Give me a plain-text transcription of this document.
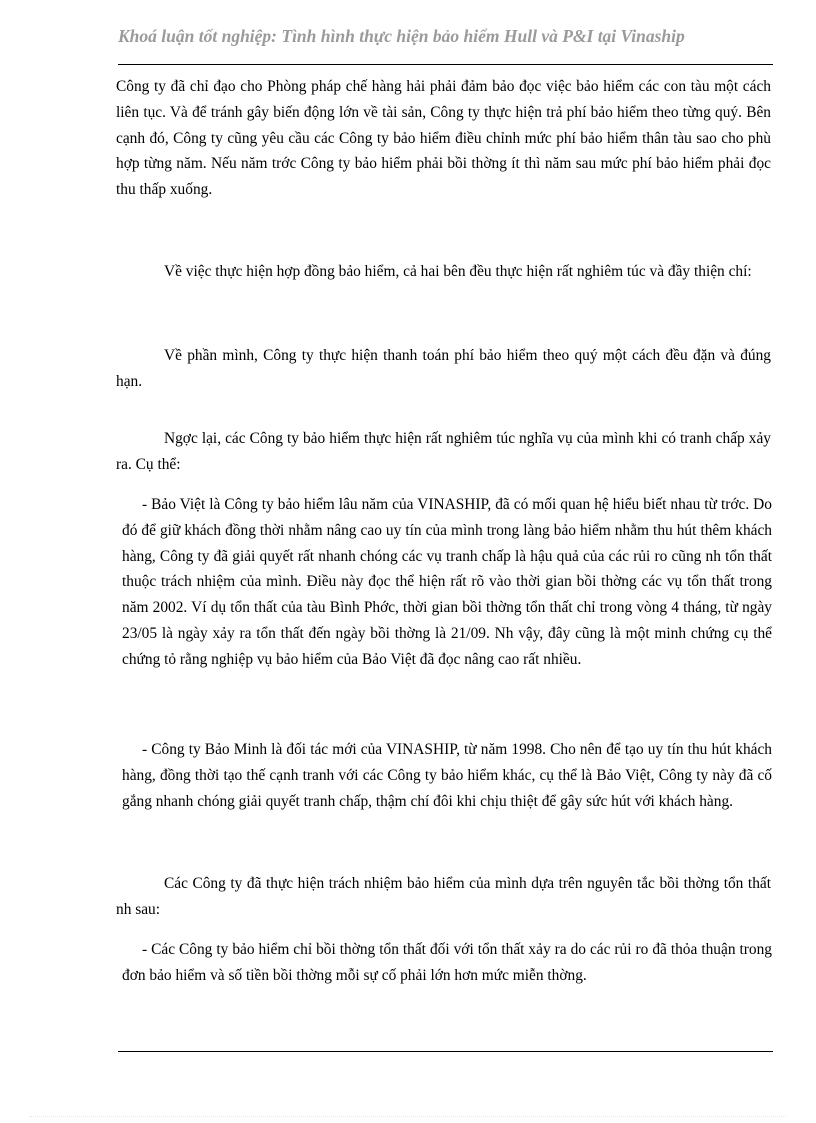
Khoá luận tốt nghiệp: Tình hình thực hiện bảo hiểm Hull và P&I tại Vinaship

Công ty đã chỉ đạo cho Phòng pháp chế hàng hải phải đảm bảo đọc việc bảo hiểm các con tàu một cách liên tục. Và để tránh gây biến động lớn về tài sản, Công ty thực hiện trả phí bảo hiểm theo từng quý. Bên cạnh đó, Công ty cũng yêu cầu các Công ty bảo hiểm điều chỉnh mức phí bảo hiểm thân tàu sao cho phù hợp từng năm. Nếu năm trớc Công ty bảo hiểm phải bồi thờng ít thì năm sau mức phí bảo hiểm phải đọc thu thấp xuống.

Về việc thực hiện hợp đồng bảo hiểm, cả hai bên đều thực hiện rất nghiêm túc và đầy thiện chí:

Về phần mình, Công ty thực hiện thanh toán phí bảo hiểm theo quý một cách đều đặn và đúng hạn.

Ngợc lại, các Công ty bảo hiểm thực hiện rất nghiêm túc nghĩa vụ của mình khi có tranh chấp xảy ra. Cụ thể:

- Bảo Việt là Công ty bảo hiểm lâu năm của VINASHIP, đã có mối quan hệ hiểu biết nhau từ trớc. Do đó để giữ khách đồng thời nhằm nâng cao uy tín của mình trong làng bảo hiểm nhằm thu hút thêm khách hàng, Công ty đã giải quyết rất nhanh chóng các vụ tranh chấp là hậu quả của các rủi ro cũng nh tổn thất thuộc trách nhiệm của mình. Điều này đọc thể hiện rất rõ vào thời gian bồi thờng các vụ tổn thất trong năm 2002. Ví dụ tổn thất của tàu Bình Phớc, thời gian bồi thờng tổn thất chỉ trong vòng 4 tháng, từ ngày 23/05 là ngày xảy ra tổn thất đến ngày bồi thờng là 21/09. Nh vậy, đây cũng là một minh chứng cụ thể chứng tỏ rằng nghiệp vụ bảo hiểm của Bảo Việt đã đọc nâng cao rất nhiều.

- Công ty Bảo Minh là đối tác mới của VINASHIP, từ năm 1998. Cho nên để tạo uy tín thu hút khách hàng, đồng thời tạo thế cạnh tranh với các Công ty bảo hiểm khác, cụ thể là Bảo Việt, Công ty này đã cố gắng nhanh chóng giải quyết tranh chấp, thậm chí đôi khi chịu thiệt để gây sức hút với khách hàng.

Các Công ty đã thực hiện trách nhiệm bảo hiểm của mình dựa trên nguyên tắc bồi thờng tổn thất nh sau:

- Các Công ty bảo hiểm chỉ bồi thờng tổn thất đối với tổn thất xảy ra do các rủi ro đã thỏa thuận trong đơn bảo hiểm và số tiền bồi thờng mỗi sự cố phải lớn hơn mức miễn thờng.
